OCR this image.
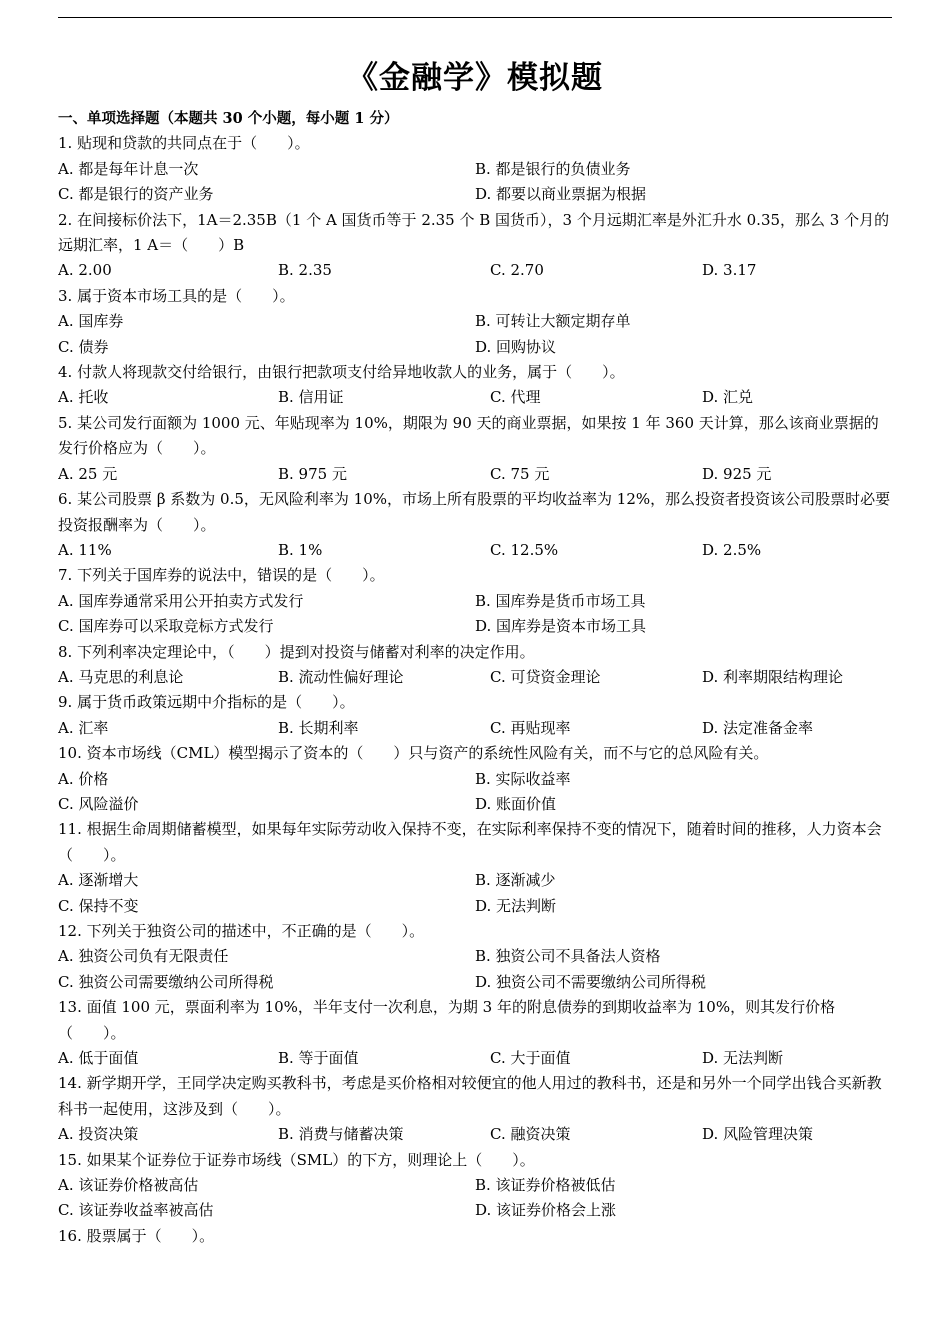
《金融学》模拟题
一、单项选择题（本题共 30 个小题，每小题 1 分）
1. 贴现和贷款的共同点在于（　　）。
A. 都是每年计息一次	B. 都是银行的负债业务
C. 都是银行的资产业务	D. 都要以商业票据为根据
2. 在间接标价法下，1A＝2.35B（1 个 A 国货币等于 2.35 个 B 国货币），3 个月远期汇率是外汇升水 0.35，那么 3 个月的远期汇率，1 A＝（　　）B
A. 2.00	B. 2.35	C. 2.70	D. 3.17
3. 属于资本市场工具的是（　　）。
A. 国库券	B. 可转让大额定期存单
C. 债券	D. 回购协议
4. 付款人将现款交付给银行，由银行把款项支付给异地收款人的业务，属于（　　）。
A. 托收	B. 信用证	C. 代理	D. 汇兑
5. 某公司发行面额为 1000 元、年贴现率为 10%，期限为 90 天的商业票据，如果按 1 年 360 天计算，那么该商业票据的发行价格应为（　　）。
A. 25 元	B. 975 元	C. 75 元	D. 925 元
6. 某公司股票 β 系数为 0.5，无风险利率为 10%，市场上所有股票的平均收益率为 12%，那么投资者投资该公司股票时必要投资报酬率为（　　）。
A. 11%	B. 1%	C. 12.5%	D. 2.5%
7. 下列关于国库券的说法中，错误的是（　　）。
A. 国库券通常采用公开拍卖方式发行	B. 国库券是货币市场工具
C. 国库券可以采取竞标方式发行	D. 国库券是资本市场工具
8. 下列利率决定理论中，（　　）提到对投资与储蓄对利率的决定作用。
A. 马克思的利息论	B. 流动性偏好理论	C. 可贷资金理论	D. 利率期限结构理论
9. 属于货币政策远期中介指标的是（　　）。
A. 汇率	B. 长期利率	C. 再贴现率	D. 法定准备金率
10. 资本市场线（CML）模型揭示了资本的（　　）只与资产的系统性风险有关，而不与它的总风险有关。
A. 价格	B. 实际收益率
C. 风险溢价	D. 账面价值
11. 根据生命周期储蓄模型，如果每年实际劳动收入保持不变，在实际利率保持不变的情况下，随着时间的推移，人力资本会（　　）。
A. 逐渐增大	B. 逐渐减少
C. 保持不变	D. 无法判断
12. 下列关于独资公司的描述中，不正确的是（　　）。
A. 独资公司负有无限责任	B. 独资公司不具备法人资格
C. 独资公司需要缴纳公司所得税	D. 独资公司不需要缴纳公司所得税
13. 面值 100 元，票面利率为 10%，半年支付一次利息，为期 3 年的附息债券的到期收益率为 10%，则其发行价格（　　）。
A. 低于面值	B. 等于面值	C. 大于面值	D. 无法判断
14. 新学期开学，王同学决定购买教科书，考虑是买价格相对较便宜的他人用过的教科书，还是和另外一个同学出钱合买新教科书一起使用，这涉及到（　　）。
A. 投资决策	B. 消费与储蓄决策	C. 融资决策	D. 风险管理决策
15. 如果某个证券位于证券市场线（SML）的下方，则理论上（　　）。
A. 该证券价格被高估	B. 该证券价格被低估
C. 该证券收益率被高估	D. 该证券价格会上涨
16. 股票属于（　　）。
